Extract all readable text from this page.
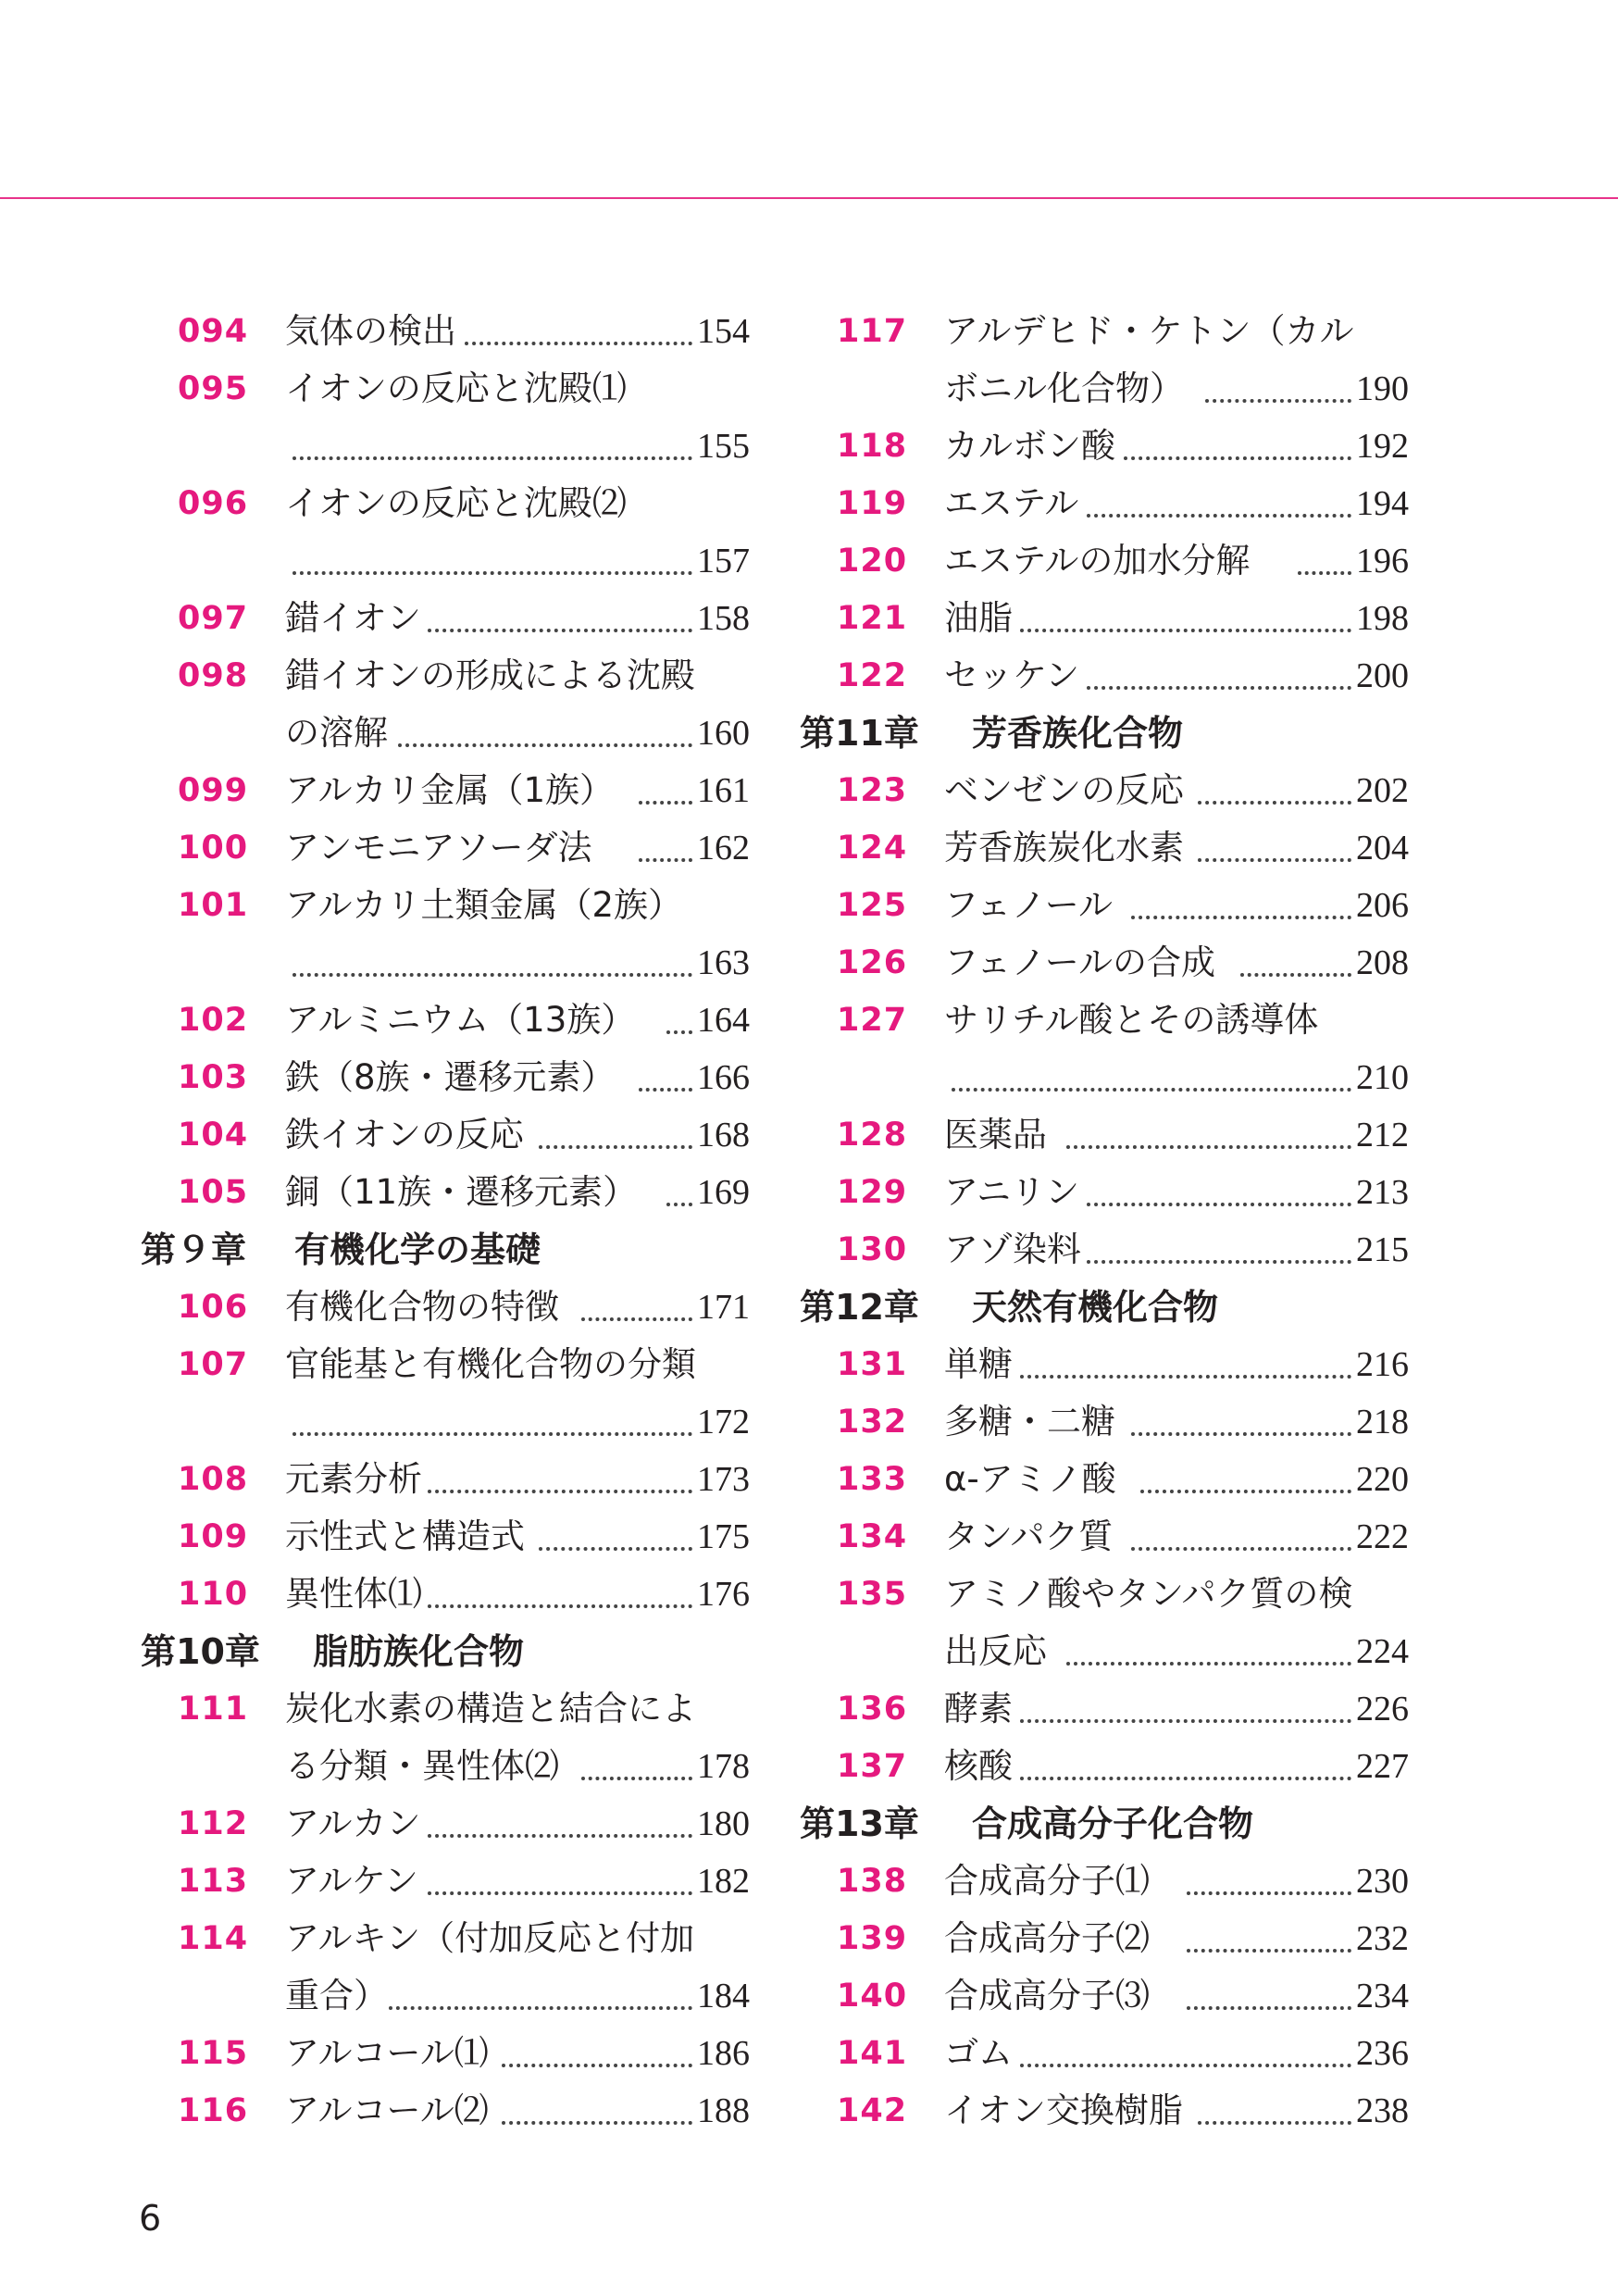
094	気体の検出	154
095	イオンの反応と沈殿⑴
155
096	イオンの反応と沈殿⑵
157
097	錯イオン	158
098	錯イオンの形成による沈殿
の溶解	160
099	アルカリ金属（1族） 161
100	アンモニアソーダ法	162
101	アルカリ土類金属（2族）
163
102	アルミニウム（13族） 164
103	鉄（8族・遷移元素） 166
104	鉄イオンの反応	168
105	銅（11族・遷移元素） 169
第９章 有機化学の基礎
106	有機化合物の特徴	171
107	官能基と有機化合物の分類
172
108	元素分析	173
109	示性式と構造式	175
110	異性体⑴	176
第10章 脂肪族化合物
111	炭化水素の構造と結合によ
る分類・異性体⑵	178
112	アルカン	180
113	アルケン	182
114	アルキン（付加反応と付加
重合）	184
115	アルコール⑴	186
116	アルコール⑵	188
117	アルデヒド・ケトン（カル
ボニル化合物）	190
118	カルボン酸	192
119	エステル	194
120	エステルの加水分解	196
121	油脂	198
122	セッケン	200
第11章 芳香族化合物
123	ベンゼンの反応	202
124	芳香族炭化水素	204
125	フェノール	206
126	フェノールの合成	208
127	サリチル酸とその誘導体
210
128	医薬品	212
129	アニリン	213
130	アゾ染料	215
第12章 天然有機化合物
131	単糖	216
132	多糖・二糖	218
133	α-アミノ酸	220
134	タンパク質	222
135	アミノ酸やタンパク質の検
出反応	224
136	酵素	226
137	核酸	227
第13章 合成高分子化合物
138	合成高分子⑴	230
139	合成高分子⑵	232
140	合成高分子⑶	234
141	ゴム	236
142	イオン交換樹脂	238
6
